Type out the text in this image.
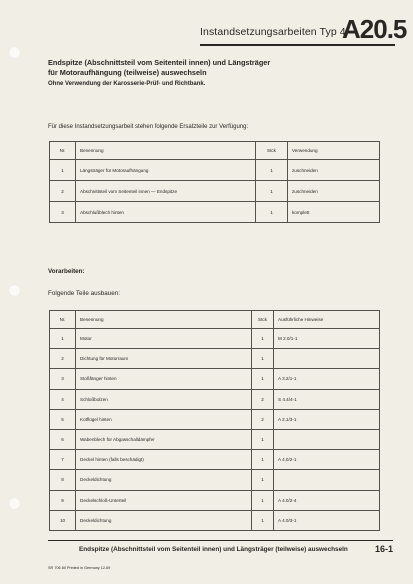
Instandsetzungsarbeiten Typ 4
A20.5
Endspitze (Abschnittsteil vom Seitenteil innen) und Längsträger
für Motoraufhängung (teilweise) auswechseln
Ohne Verwendung der Karosserie-Prüf- und Richtbank.
Für diese Instandsetzungsarbeit stehen folgende Ersatzteile zur Verfügung:
Nr.	Benennung	Stck	Verwendung
1	Längsträger für Motoraufhängung	1	zuschneiden
2	Abschnittsteil vom Seitenteil innen — Endspitze	1	zuschneiden
3	Abschlußblech hinten	1	komplett
Vorarbeiten:
Folgende Teile ausbauen:
Nr.	Benennung	Stck	Ausführliche Hinweise
1	Motor	1	M 2.0/1-1
2	Dichtung für Motorraum	1	
3	Stoßfänger hinten	1	A 3.2/1-1
4	Schloßbolzen	2	S 4.4/4-1
5	Kotflügel hinten	2	A 2.1/3-1
6	Wabenblech für Abgasschalldämpfer	1	
7	Deckel hinten (falls beschädigt)	1	A 4.0/2-1
8	Deckeldichtung	1	
9	Deckelschloß-Unterteil	1	A 4.0/2-4
10	Deckeldichtung	1	A 4.0/3-1
Endspitze (Abschnittsteil vom Seitenteil innen) und Längsträger (teilweise) auswechseln	16-1
SR 706 80 Printed in Germany 12.69
